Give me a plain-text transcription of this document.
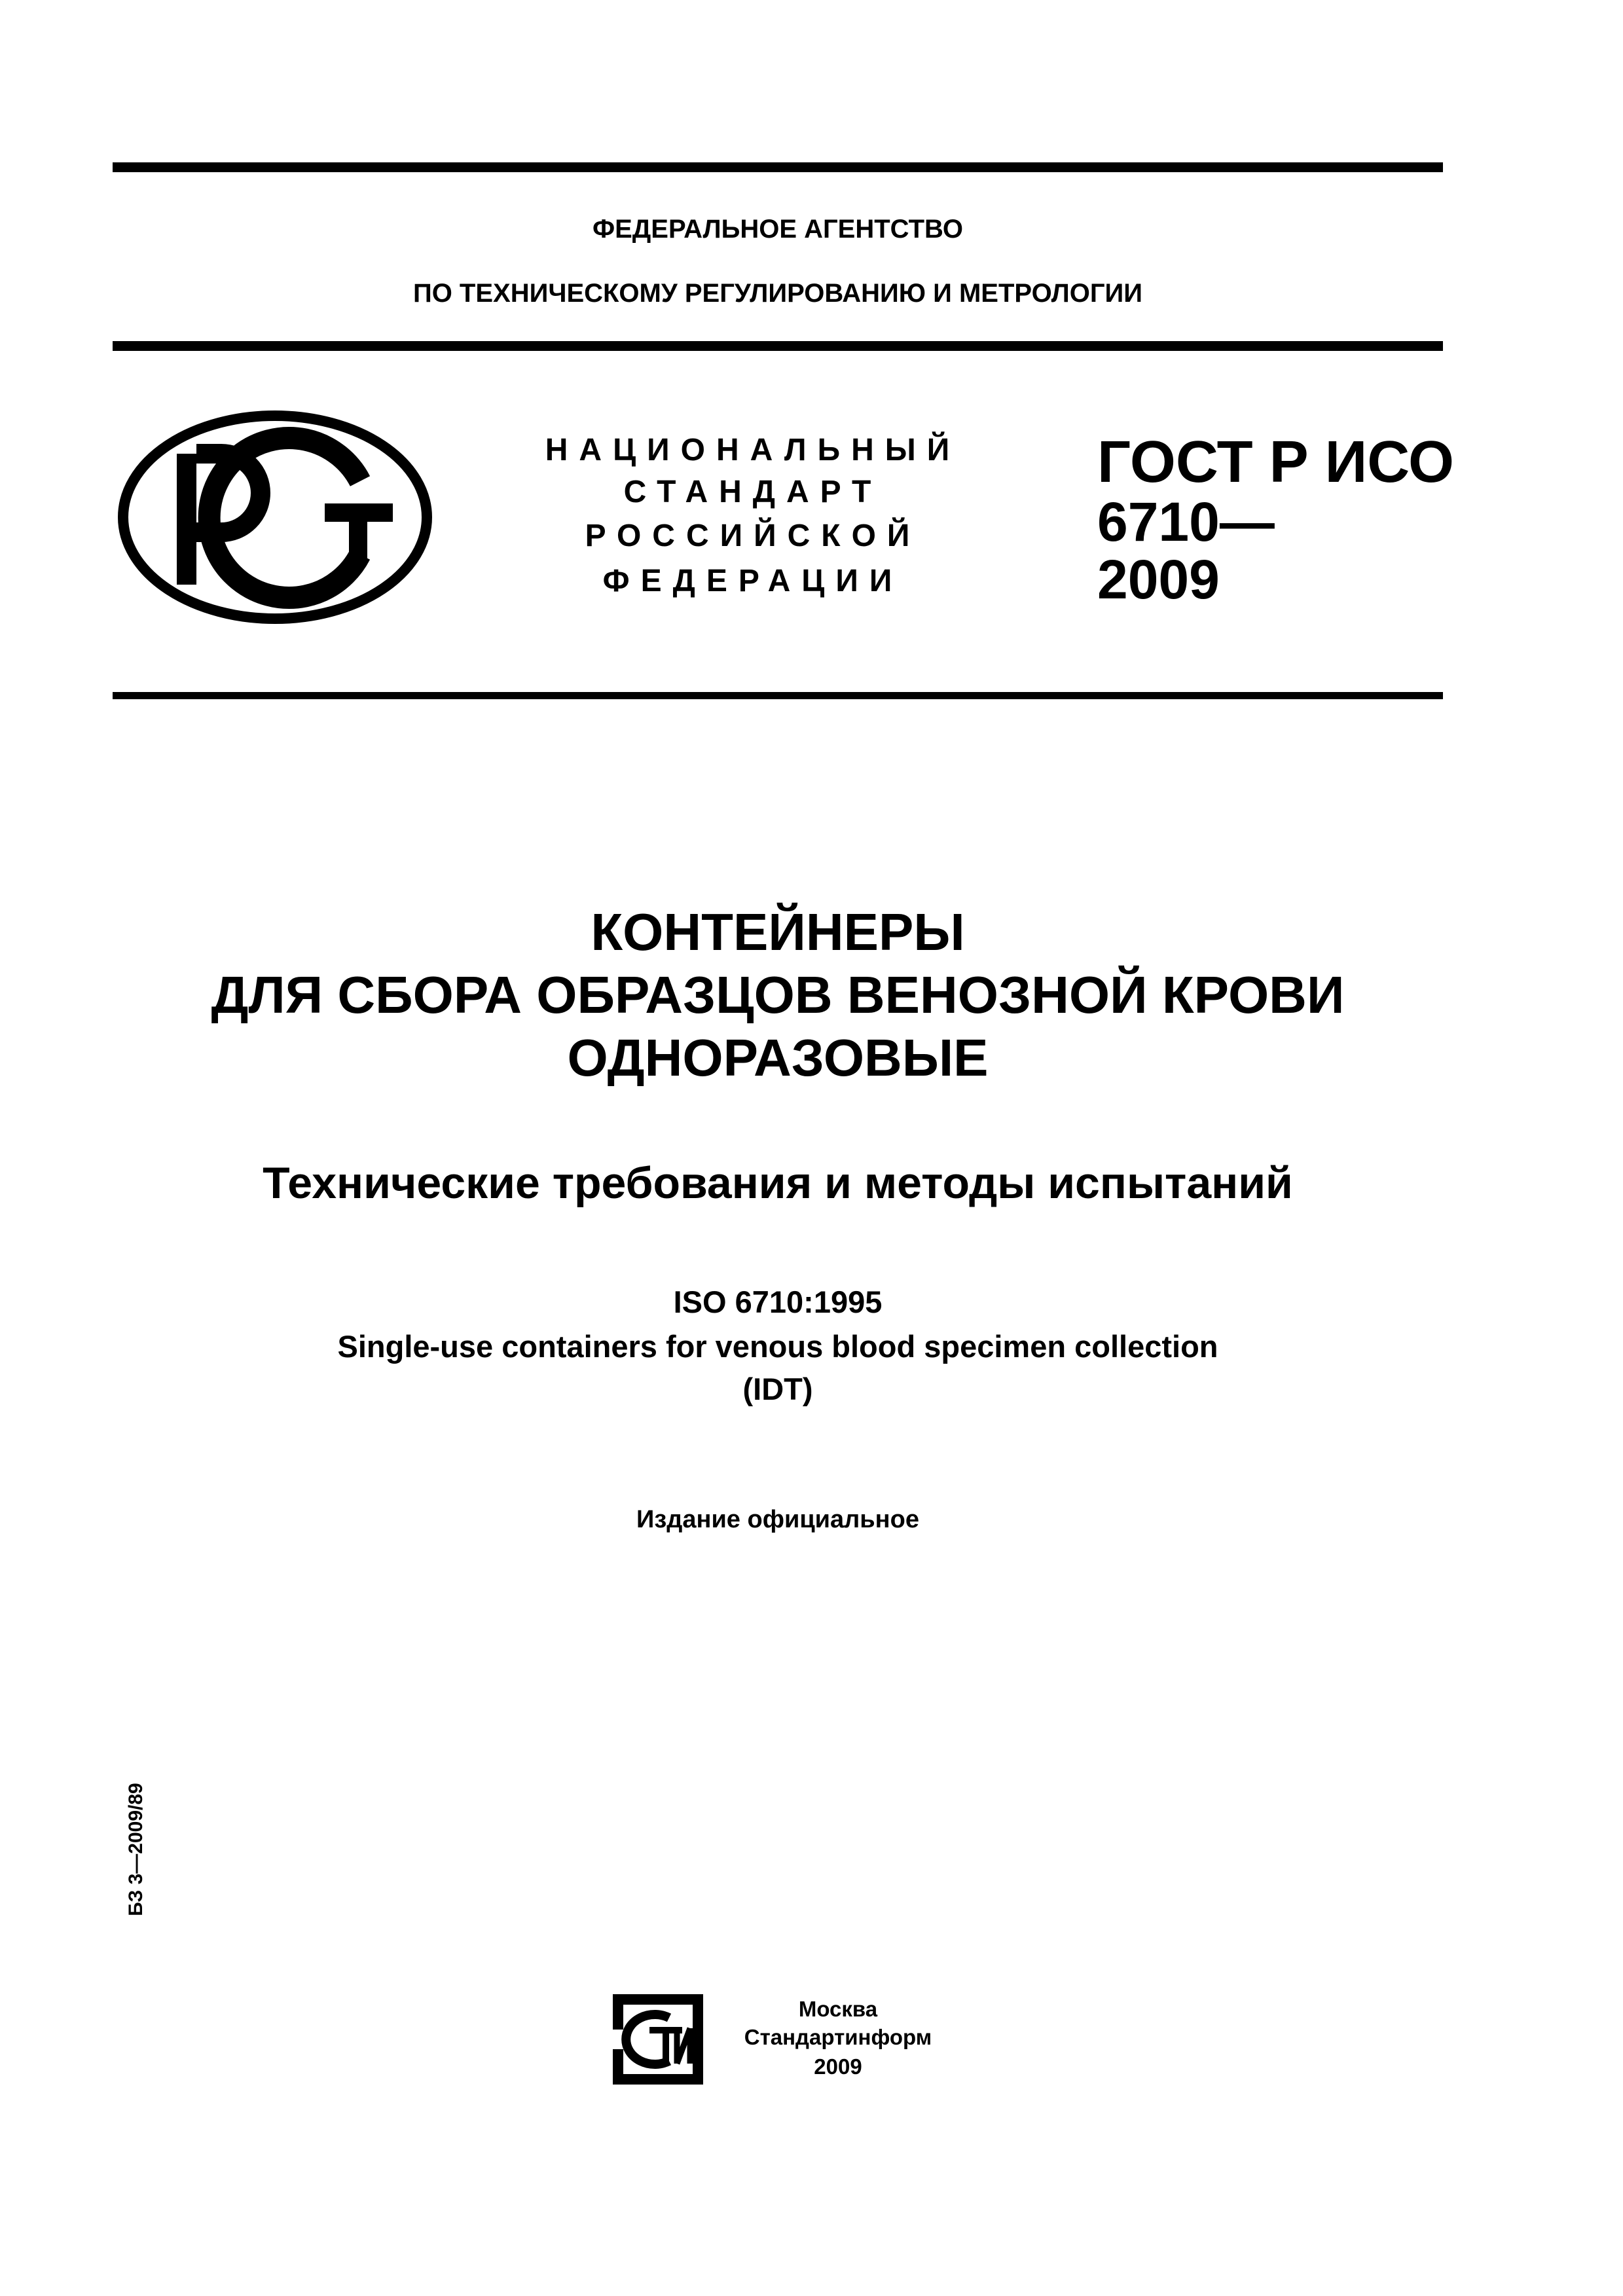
ФЕДЕРАЛЬНОЕ АГЕНТСТВО
ПО ТЕХНИЧЕСКОМУ РЕГУЛИРОВАНИЮ И МЕТРОЛОГИИ
НАЦИОНАЛЬНЫЙ
СТАНДАРТ
РОССИЙСКОЙ
ФЕДЕРАЦИИ
ГОСТ Р ИСО
6710—
2009
КОНТЕЙНЕРЫ
ДЛЯ СБОРА ОБРАЗЦОВ ВЕНОЗНОЙ КРОВИ
ОДНОРАЗОВЫЕ
Технические требования и методы испытаний
ISO 6710:1995
Single-use containers for venous blood specimen collection
(IDT)
Издание официальное
БЗ 3—2009/89
Москва
Стандартинформ
2009
